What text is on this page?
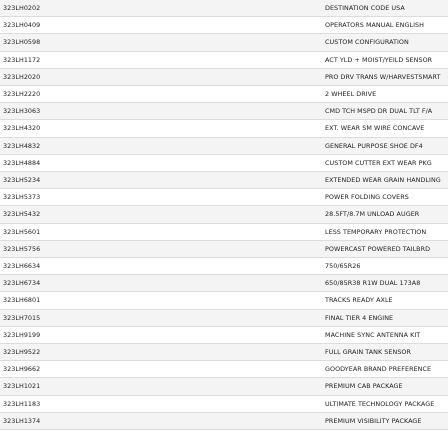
323LH0202	DESTINATION CODE USA
323LH0409	OPERATORS MANUAL ENGLISH
323LH0598	CUSTOM CONFIGURATION
323LH1172	ACT YLD + MOIST/YEILD SENSOR
323LH2020	PRO DRV TRANS W/HARVESTSMART
323LH2220	2 WHEEL DRIVE
323LH3063	CMD TCH MSPD DR DUAL TLT F/A
323LH4320	EXT. WEAR SM WIRE CONCAVE
323LH4832	GENERAL PURPOSE SHOE DF4
323LH4884	CUSTOM CUTTER EXT WEAR PKG
323LH5234	EXTENDED WEAR GRAIN HANDLING
323LH5373	POWER FOLDING COVERS
323LH5432	28.5FT/8.7M UNLOAD AUGER
323LH5601	LESS TEMPORARY PROTECTION
323LH5756	POWERCAST POWERED TAILBRD
323LH6634	750/65R26
323LH6734	650/85R38 R1W DUAL 173A8
323LH6801	TRACKS READY AXLE
323LH7015	FINAL TIER 4 ENGINE
323LH9199	MACHINE SYNC ANTENNA KIT
323LH9522	FULL GRAIN TANK SENSOR
323LH9662	GOODYEAR BRAND PREFERENCE
323LH1021	PREMIUM CAB PACKAGE
323LH1183	ULTIMATE TECHNOLOGY PACKAGE
323LH1374	PREMIUM VISIBILITY PACKAGE
